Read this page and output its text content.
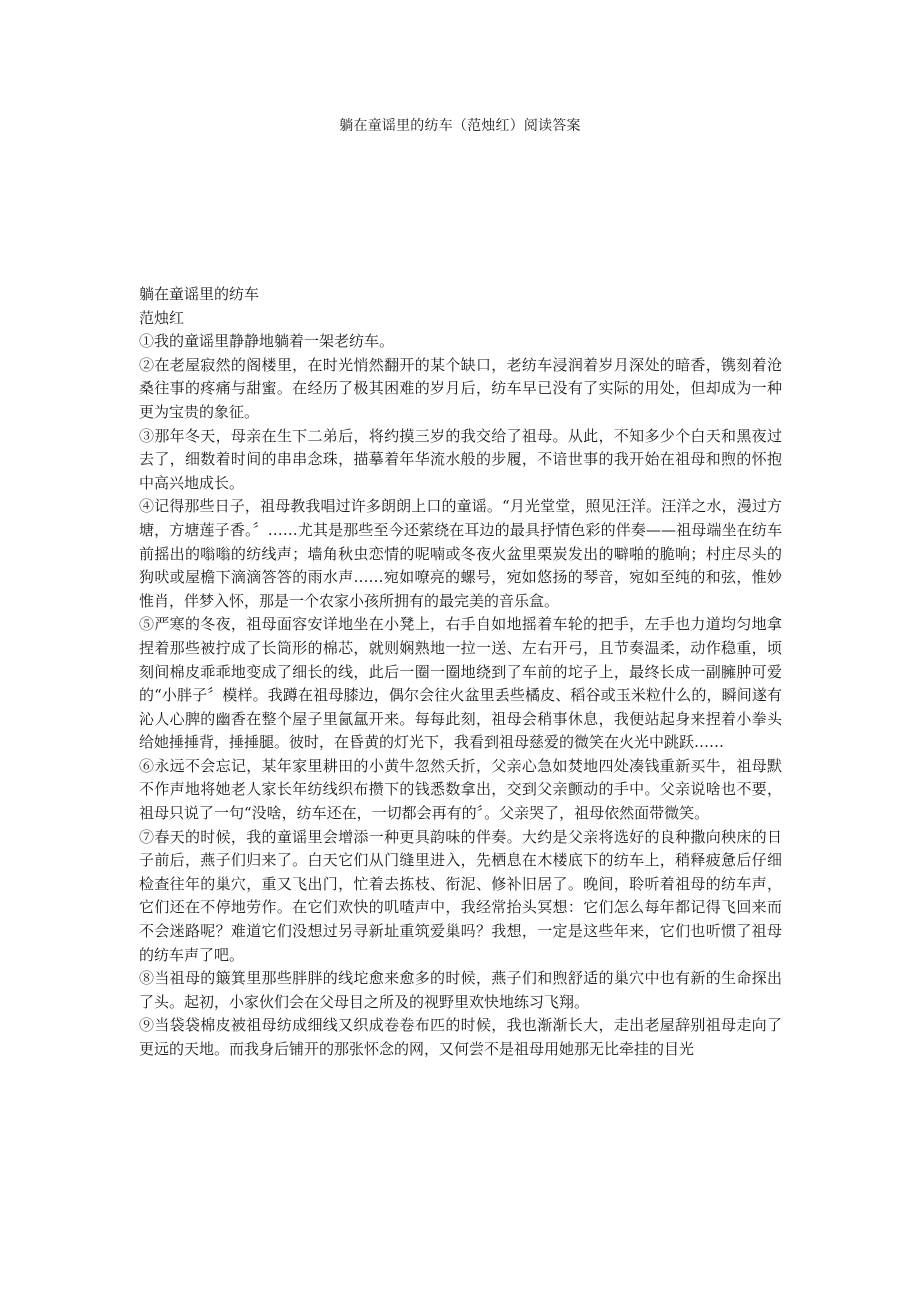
躺在童谣里的纺车（范烛红）阅读答案

躺在童谣里的纺车

范烛红

①我的童谣里静静地躺着一架老纺车。

②在老屋寂然的阁楼里，在时光悄然翻开的某个缺口，老纺车浸润着岁月深处的暗香，镌刻着沧桑往事的疼痛与甜蜜。在经历了极其困难的岁月后，纺车早已没有了实际的用处，但却成为一种更为宝贵的象征。

③那年冬天，母亲在生下二弟后，将约摸三岁的我交给了祖母。从此，不知多少个白天和黑夜过去了，细数着时间的串串念珠，描摹着年华流水般的步履，不谙世事的我开始在祖母和煦的怀抱中高兴地成长。

④记得那些日子，祖母教我唱过许多朗朗上口的童谣。“月光堂堂，照见汪洋。汪洋之水，漫过方塘，方塘莲子香。〞……尤其是那些至今还萦绕在耳边的最具抒情色彩的伴奏——祖母端坐在纺车前摇出的嗡嗡的纺线声；墙角秋虫恋情的呢喃或冬夜火盆里栗炭发出的噼啪的脆响；村庄尽头的狗吠或屋檐下滴滴答答的雨水声……宛如嘹亮的螺号，宛如悠扬的琴音，宛如至纯的和弦，惟妙惟肖，伴梦入怀，那是一个农家小孩所拥有的最完美的音乐盒。

⑤严寒的冬夜，祖母面容安详地坐在小凳上，右手自如地摇着车轮的把手，左手也力道均匀地拿捏着那些被拧成了长筒形的棉芯，就则娴熟地一拉一送、左右开弓，且节奏温柔，动作稳重，顷刻间棉皮乖乖地变成了细长的线，此后一圈一圈地绕到了车前的坨子上，最终长成一副臃肿可爱的“小胖子〞模样。我蹲在祖母膝边，偶尔会往火盆里丢些橘皮、稻谷或玉米粒什么的，瞬间遂有沁人心脾的幽香在整个屋子里氤氲开来。每每此刻，祖母会稍事休息，我便站起身来捏着小拳头给她捶捶背，捶捶腿。彼时，在昏黄的灯光下，我看到祖母慈爱的微笑在火光中跳跃……

⑥永远不会忘记，某年家里耕田的小黄牛忽然夭折，父亲心急如焚地四处凑钱重新买牛，祖母默不作声地将她老人家长年纺线织布攒下的钱悉数拿出，交到父亲颤动的手中。父亲说啥也不要，祖母只说了一句“没啥，纺车还在，一切都会再有的〞。父亲哭了，祖母依然面带微笑。

⑦春天的时候，我的童谣里会增添一种更具韵味的伴奏。大约是父亲将选好的良种撒向秧床的日子前后，燕子们归来了。白天它们从门缝里进入，先栖息在木楼底下的纺车上，稍释疲惫后仔细检查往年的巢穴，重又飞出门，忙着去拣枝、衔泥、修补旧居了。晚间，聆听着祖母的纺车声，它们还在不停地劳作。在它们欢快的叽喳声中，我经常抬头冥想：它们怎么每年都记得飞回来而不会迷路呢？难道它们没想过另寻新址重筑爱巢吗？我想，一定是这些年来，它们也听惯了祖母的纺车声了吧。

⑧当祖母的簸箕里那些胖胖的线坨愈来愈多的时候，燕子们和煦舒适的巢穴中也有新的生命探出了头。起初，小家伙们会在父母目之所及的视野里欢快地练习飞翔。

⑨当袋袋棉皮被祖母纺成细线又织成卷卷布匹的时候，我也渐渐长大，走出老屋辞别祖母走向了更远的天地。而我身后铺开的那张怀念的网，又何尝不是祖母用她那无比牵挂的目光
